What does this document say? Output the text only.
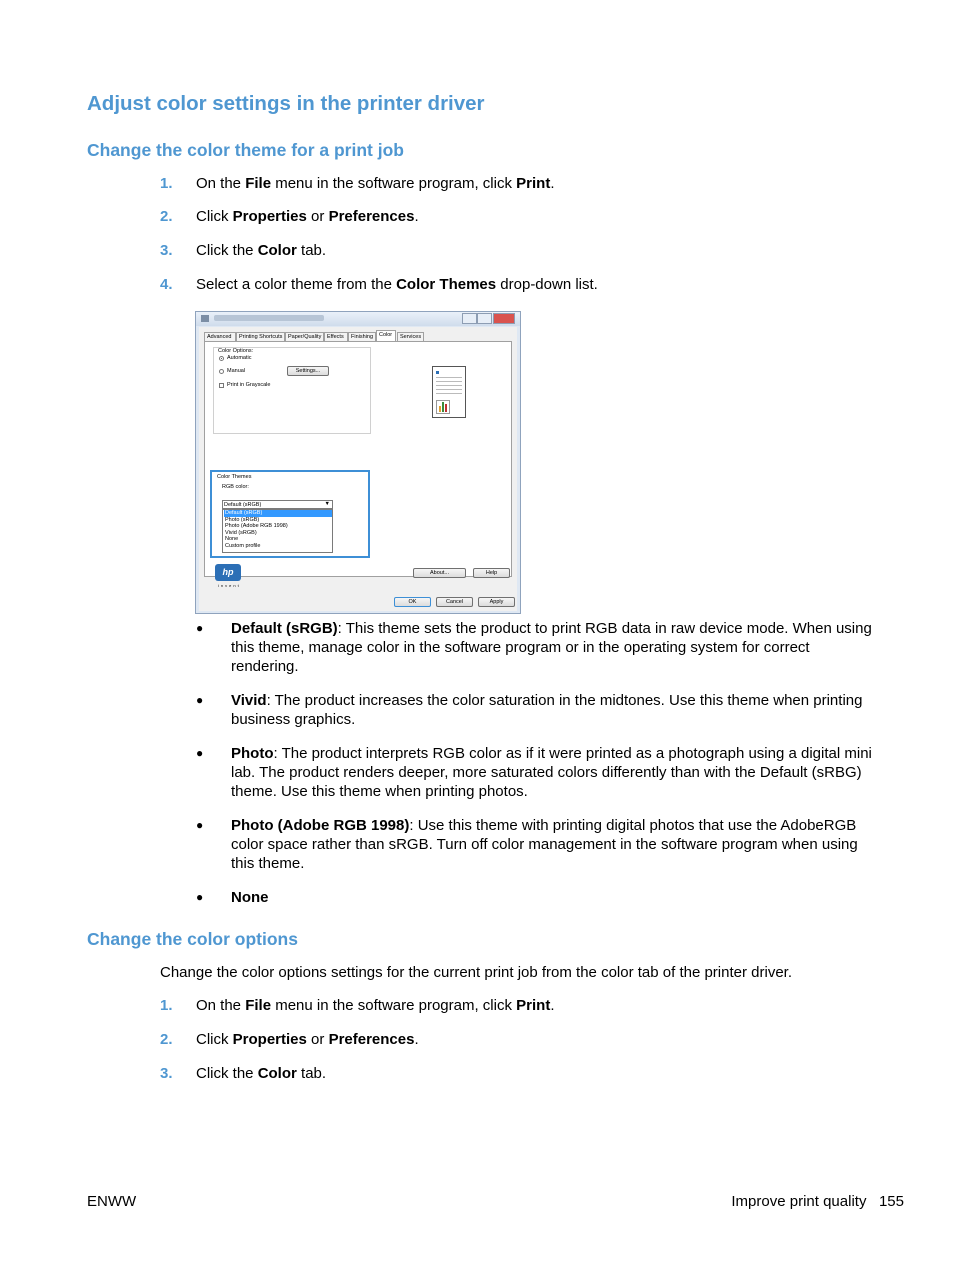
Adjust color settings in the printer driver
Change the color theme for a print job
1. On the File menu in the software program, click Print.
2. Click Properties or Preferences.
3. Click the Color tab.
4. Select a color theme from the Color Themes drop-down list.
Advanced	Printing Shortcuts	Paper/Quality	Effects	Finishing	Color	Services
Color Options:
Automatic
Manual	Settings...
Print in Grayscale
Color Themes
RGB color:
Default (sRGB)	▼
Default (sRGB)
Photo (sRGB)
Photo (Adobe RGB 1998)
Vivid (sRGB)
None
Custom profile
hp
invent
About...	Help
OK	Cancel	Apply
● Default (sRGB): This theme sets the product to print RGB data in raw device mode. When using this theme, manage color in the software program or in the operating system for correct rendering.
● Vivid: The product increases the color saturation in the midtones. Use this theme when printing business graphics.
● Photo: The product interprets RGB color as if it were printed as a photograph using a digital mini lab. The product renders deeper, more saturated colors differently than with the Default (sRBG) theme. Use this theme when printing photos.
● Photo (Adobe RGB 1998): Use this theme with printing digital photos that use the AdobeRGB color space rather than sRGB. Turn off color management in the software program when using this theme.
● None
Change the color options
Change the color options settings for the current print job from the color tab of the printer driver.
1. On the File menu in the software program, click Print.
2. Click Properties or Preferences.
3. Click the Color tab.
ENWW	Improve print quality 155
